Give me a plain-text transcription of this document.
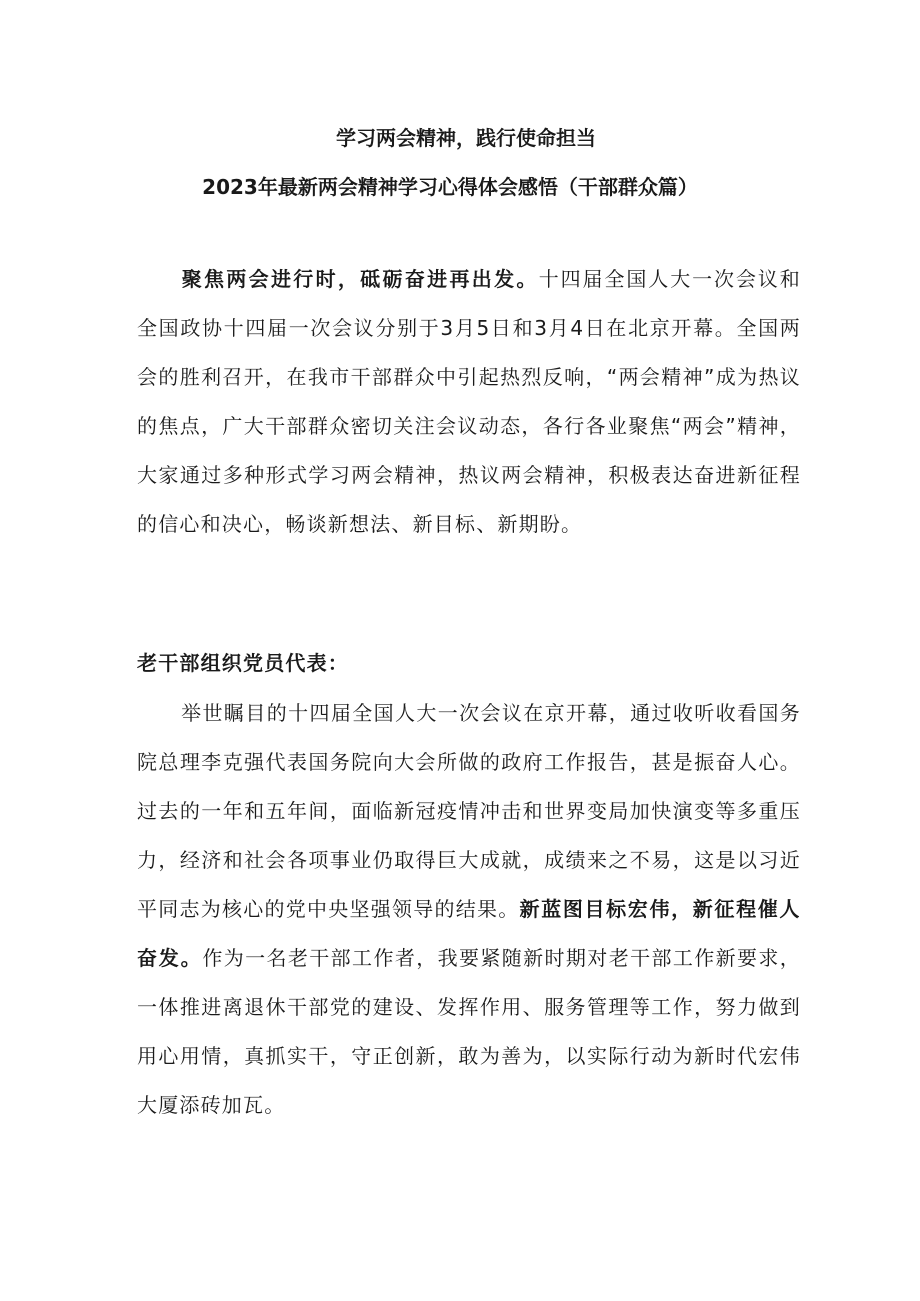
学习两会精神，践行使命担当
2023年最新两会精神学习心得体会感悟（干部群众篇）

聚焦两会进行时，砥砺奋进再出发。十四届全国人大一次会议和全国政协十四届一次会议分别于3月5日和3月4日在北京开幕。全国两会的胜利召开，在我市干部群众中引起热烈反响，“两会精神”成为热议的焦点，广大干部群众密切关注会议动态，各行各业聚焦“两会”精神，大家通过多种形式学习两会精神，热议两会精神，积极表达奋进新征程的信心和决心，畅谈新想法、新目标、新期盼。

老干部组织党员代表：

举世瞩目的十四届全国人大一次会议在京开幕，通过收听收看国务院总理李克强代表国务院向大会所做的政府工作报告，甚是振奋人心。过去的一年和五年间，面临新冠疫情冲击和世界变局加快演变等多重压力，经济和社会各项事业仍取得巨大成就，成绩来之不易，这是以习近平同志为核心的党中央坚强领导的结果。新蓝图目标宏伟，新征程催人奋发。作为一名老干部工作者，我要紧随新时期对老干部工作新要求，一体推进离退休干部党的建设、发挥作用、服务管理等工作，努力做到用心用情，真抓实干，守正创新，敢为善为，以实际行动为新时代宏伟大厦添砖加瓦。
